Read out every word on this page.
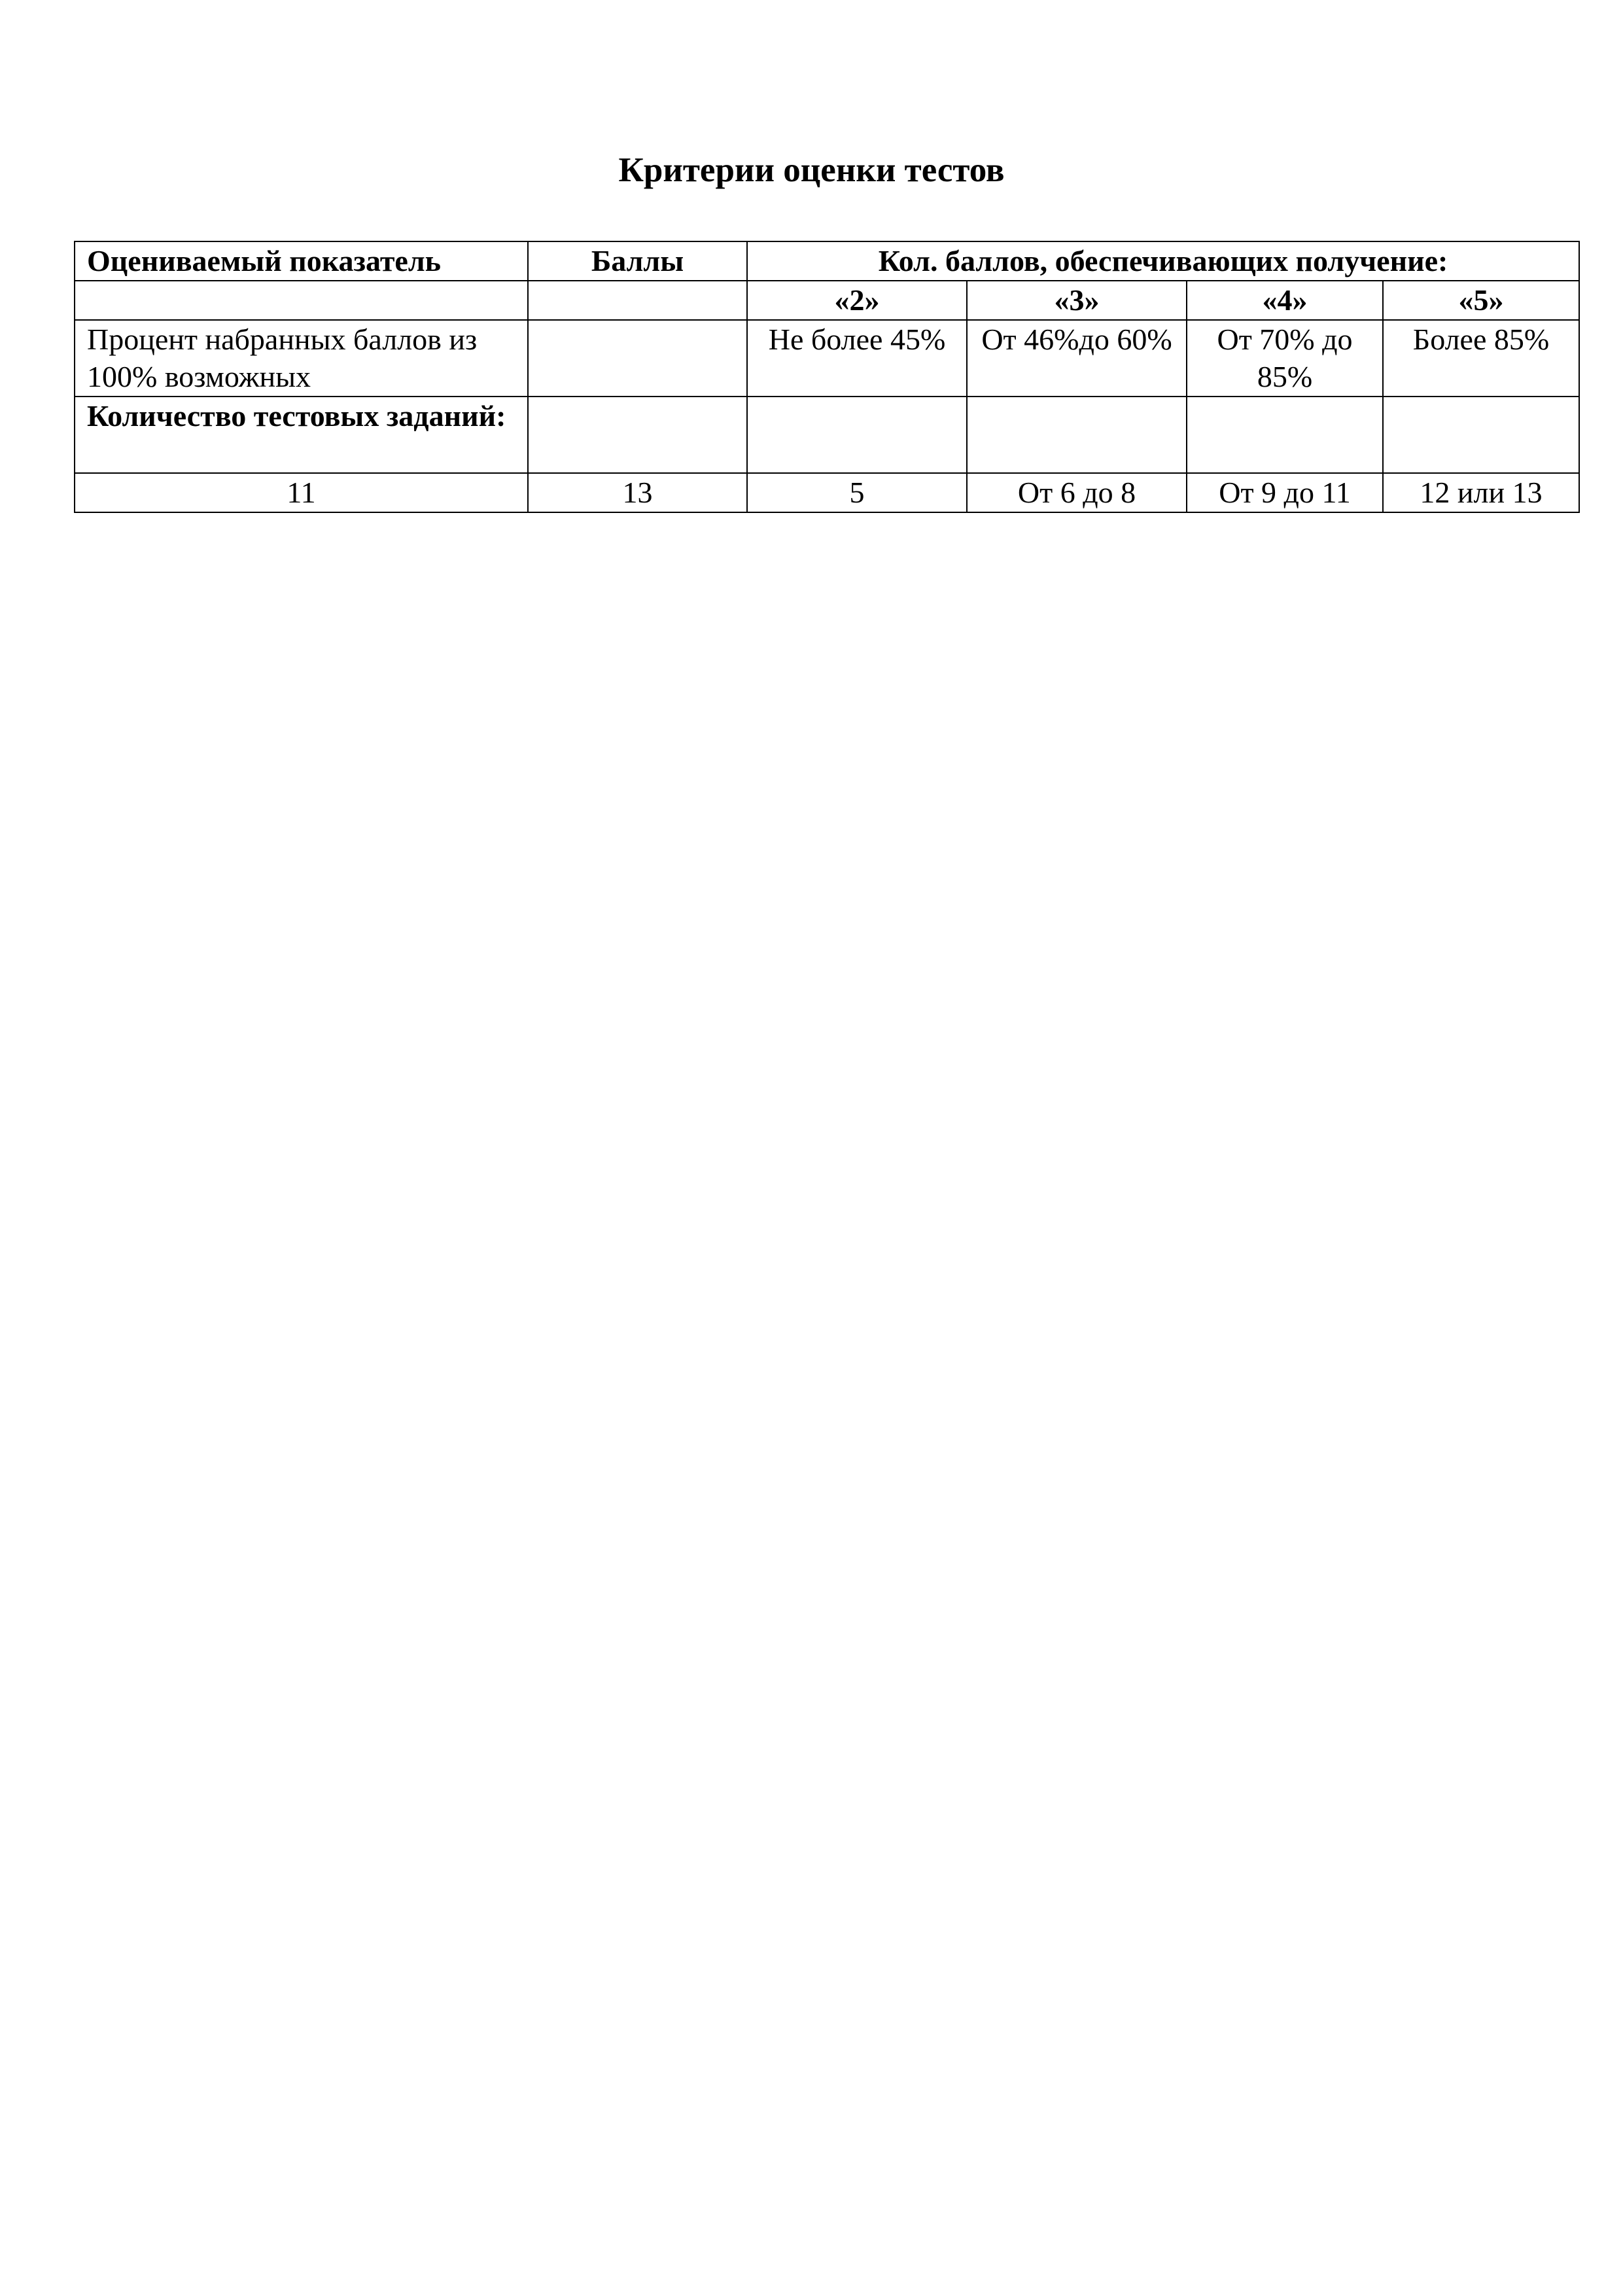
Критерии оценки тестов
Оцениваемый показатель	Баллы	Кол. баллов, обеспечивающих получение:			
		«2»	«3»	«4»	«5»
Процент набранных баллов из 100% возможных		Не более 45%	От 46%до 60%	От 70% до 85%	Более 85%
Количество тестовых заданий:					
11	13	5	От 6 до 8	От 9 до 11	12 или 13
